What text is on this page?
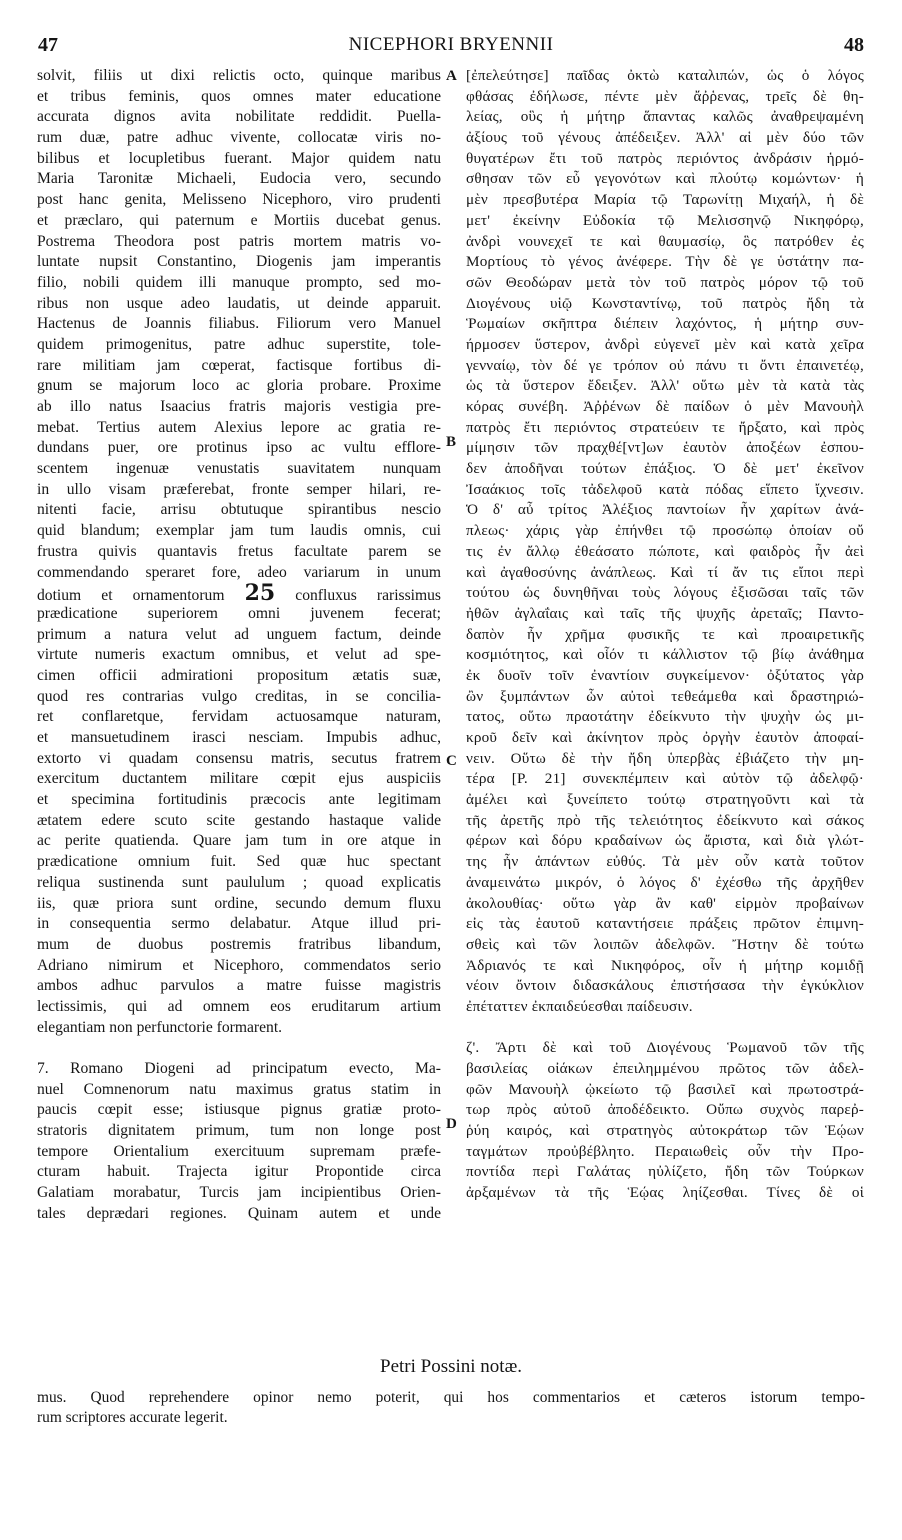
47	NICEPHORI BRYENNII	48
solvit, filiis ut dixi relictis octo, quinque maribus
et tribus feminis, quos omnes mater educatione
accurata dignos avita nobilitate reddidit. Puella-
rum duæ, patre adhuc vivente, collocatæ viris no-
bilibus et locupletibus fuerant. Major quidem natu
Maria Taronitæ Michaeli, Eudocia vero, secundo
post hanc genita, Melisseno Nicephoro, viro prudenti
et præclaro, qui paternum e Mortiis ducebat genus.
Postrema Theodora post patris mortem matris vo-
luntate nupsit Constantino, Diogenis jam imperantis
filio, nobili quidem illi manuque prompto, sed mo-
ribus non usque adeo laudatis, ut deinde apparuit.
Hactenus de Joannis filiabus. Filiorum vero Manuel
quidem primogenitus, patre adhuc superstite, tole-
rare militiam jam cœperat, factisque fortibus di-
gnum se majorum loco ac gloria probare. Proxime
ab illo natus Isaacius fratris majoris vestigia pre-
mebat. Tertius autem Alexius lepore ac gratia re-
dundans puer, ore protinus ipso ac vultu efflore-
scentem ingenuæ venustatis suavitatem nunquam
in ullo visam præferebat, fronte semper hilari, re-
nitenti facie, arrisu obtutuque spirantibus nescio
quid blandum; exemplar jam tum laudis omnis, cui
frustra quivis quantavis fretus facultate parem se
commendando speraret fore, adeo variarum in unum
dotium et ornamentorum 25 confluxus rarissimus
prædicatione superiorem omni juvenem fecerat;
primum a natura velut ad unguem factum, deinde
virtute numeris exactum omnibus, et velut ad spe-
cimen officii admirationi propositum ætatis suæ,
quod res contrarias vulgo creditas, in se concilia-
ret conflaretque, fervidam actuosamque naturam,
et mansuetudinem irasci nesciam. Impubis adhuc,
extorto vi quadam consensu matris, secutus fratrem
exercitum ductantem militare cœpit ejus auspiciis
et specimina fortitudinis præcocis ante legitimam
ætatem edere scuto scite gestando hastaque valide
ac perite quatienda. Quare jam tum in ore atque in
prædicatione omnium fuit. Sed quæ huc spectant
reliqua sustinenda sunt paululum ; quoad explicatis
iis, quæ priora sunt ordine, secundo demum fluxu
in consequentia sermo delabatur. Atque illud pri-
mum de duobus postremis fratribus libandum,
Adriano nimirum et Nicephoro, commendatos serio
ambos adhuc parvulos a matre fuisse magistris
lectissimis, qui ad omnem eos eruditarum artium
elegantiam non perfunctorie formarent.
7. Romano Diogeni ad principatum evecto, Ma-
nuel Comnenorum natu maximus gratus statim in
paucis cœpit esse; istiusque pignus gratiæ proto-
stratoris dignitatem primum, tum non longe post
tempore Orientalium exercituum supremam præfe-
cturam habuit. Trajecta igitur Propontide circa
Galatiam morabatur, Turcis jam incipientibus Orien-
tales deprædari regiones. Quinam autem et unde
[ἐπελεύτησε] παῖδας ὀκτὼ καταλιπών, ὡς ὁ λόγος
φθάσας ἐδήλωσε, πέντε μὲν ἄῤῥενας, τρεῖς δὲ θη-
λείας, οὓς ἡ μήτηρ ἅπαντας καλῶς ἀναθρεψαμένη
ἀξίους τοῦ γένους ἀπέδειξεν. Ἀλλ' αἱ μὲν δύο τῶν
θυγατέρων ἔτι τοῦ πατρὸς περιόντος ἀνδράσιν ἡρμό-
σθησαν τῶν εὖ γεγονότων καὶ πλούτῳ κομώντων· ἡ
μὲν πρεσβυτέρα Μαρία τῷ Ταρωνίτῃ Μιχαήλ, ἡ δὲ
μετ' ἐκείνην Εὐδοκία τῷ Μελισσηνῷ Νικηφόρῳ,
ἀνδρὶ νουνεχεῖ τε καὶ θαυμασίῳ, ὃς πατρόθεν ἐς
Μορτίους τὸ γένος ἀνέφερε. Τὴν δὲ γε ὑστάτην πα-
σῶν Θεοδώραν μετὰ τὸν τοῦ πατρὸς μόρον τῷ τοῦ
Διογένους υἱῷ Κωνσταντίνῳ, τοῦ πατρὸς ἤδη τὰ
Ῥωμαίων σκῆπτρα διέπειν λαχόντος, ἡ μήτηρ συν-
ήρμοσεν ὕστερον, ἀνδρὶ εὐγενεῖ μὲν καὶ κατὰ χεῖρα
γενναίῳ, τὸν δέ γε τρόπον οὐ πάνυ τι ὄντι ἐπαινετέῳ,
ὡς τὰ ὕστερον ἔδειξεν. Ἀλλ' οὕτω μὲν τὰ κατὰ τὰς
κόρας συνέβη. Ἀῤῥένων δὲ παίδων ὁ μὲν Μανουὴλ
πατρὸς ἔτι περιόντος στρατεύειν τε ἤρξατο, καὶ πρὸς
μίμησιν τῶν πραχθέ[ντ]ων ἑαυτὸν ἀποξέων ἐσπου-
δεν ἀποδῆναι τούτων ἐπάξιος. Ὁ δὲ μετ' ἐκεῖνον
Ἰσαάκιος τοῖς τἀδελφοῦ κατὰ πόδας εἵπετο ἴχνεσιν.
Ὁ δ' αὖ τρίτος Ἀλέξιος παντοίων ἦν χαρίτων ἀνά-
πλεως· χάρις γὰρ ἐπήνθει τῷ προσώπῳ ὁποίαν οὔ
τις ἐν ἄλλῳ ἐθεάσατο πώποτε, καὶ φαιδρὸς ἦν ἀεὶ
καὶ ἀγαθοσύνης ἀνάπλεως. Καὶ τί ἄν τις εἴποι περὶ
τούτου ὡς δυνηθῆναι τοὺς λόγους ἐξισῶσαι ταῖς τῶν
ἠθῶν ἀγλαΐαις καὶ ταῖς τῆς ψυχῆς ἀρεταῖς; Παντο-
δαπὸν ἦν χρῆμα φυσικῆς τε καὶ προαιρετικῆς
κοσμιότητος, καὶ οἷόν τι κάλλιστον τῷ βίῳ ἀνάθημα
ἐκ δυοῖν τοῖν ἐναντίοιν συγκείμενον· ὀξύτατος γὰρ
ὢν ξυμπάντων ὧν αὐτοὶ τεθεάμεθα καὶ δραστηριώ-
τατος, οὕτω πραοτάτην ἐδείκνυτο τὴν ψυχὴν ὡς μι-
κροῦ δεῖν καὶ ἀκίνητον πρὸς ὀργὴν ἑαυτὸν ἀποφαί-
νειν. Οὕτω δὲ τὴν ἤδη ὑπερβὰς ἐβιάζετο τὴν μη-
τέρα [P. 21] συνεκπέμπειν καὶ αὐτὸν τῷ ἀδελφῷ·
ἀμέλει καὶ ξυνείπετο τούτῳ στρατηγοῦντι καὶ τὰ
τῆς ἀρετῆς πρὸ τῆς τελειότητος ἐδείκνυτο καὶ σάκος
φέρων καὶ δόρυ κραδαίνων ὡς ἄριστα, καὶ διὰ γλώτ-
της ἦν ἁπάντων εὐθύς. Τὰ μὲν οὖν κατὰ τοῦτον
ἀναμεινάτω μικρόν, ὁ λόγος δ' ἐχέσθω τῆς ἀρχῆθεν
ἀκολουθίας· οὕτω γὰρ ἂν καθ' εἱρμὸν προβαίνων
εἰς τὰς ἑαυτοῦ καταντήσειε πράξεις πρῶτον ἐπιμνη-
σθεὶς καὶ τῶν λοιπῶν ἀδελφῶν. Ἤστην δὲ τούτω
Ἀδριανός τε καὶ Νικηφόρος, οἷν ἡ μήτηρ κομιδῇ
νέοιν ὄντοιν διδασκάλους ἐπιστήσασα τὴν ἐγκύκλιον
ἐπέταττεν ἐκπαιδεύεσθαι παίδευσιν.
ζ'. Ἄρτι δὲ καὶ τοῦ Διογένους Ῥωμανοῦ τῶν τῆς
βασιλείας οἰάκων ἐπειλημμένου πρῶτος τῶν ἀδελ-
φῶν Μανουὴλ ᾠκείωτο τῷ βασιλεῖ καὶ πρωτοστρά-
τωρ πρὸς αὐτοῦ ἀποδέδεικτο. Οὔπω συχνὸς παρεῤ-
ῥύη καιρός, καὶ στρατηγὸς αὐτοκράτωρ τῶν Ἑῴων
ταγμάτων προὐβέβλητο. Περαιωθεὶς οὖν τὴν Προ-
ποντίδα περὶ Γαλάτας ηὐλίζετο, ἤδη τῶν Τούρκων
ἀρξαμένων τὰ τῆς Ἑῴας ληίζεσθαι. Τίνες δὲ οἱ
A
B
C
D
Petri Possini notæ.
mus. Quod reprehendere opinor nemo poterit, qui hos commentarios et cæteros istorum tempo-
rum scriptores accurate legerit.
